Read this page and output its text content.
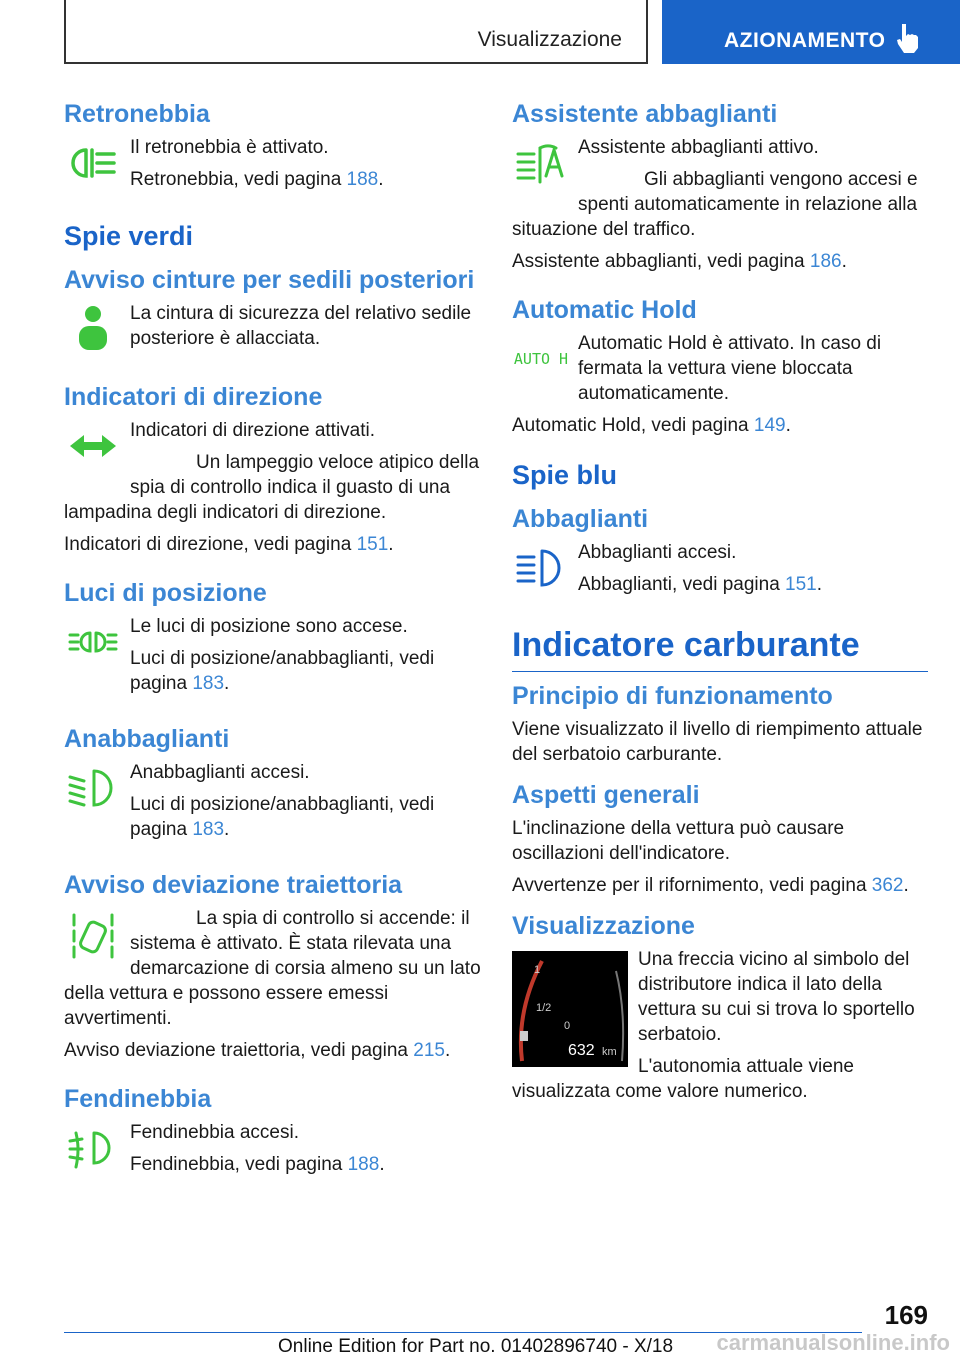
Visualizzazione	AZIONAMENTO
Retronebbia

Il retronebbia è attivato.

Retronebbia, vedi pagina 188.

Spie verdi
Avviso cinture per sedili posteriori

La cintura di sicurezza del relativo sedile posteriore è allacciata.

Indicatori di direzione

Indicatori di direzione attivati.

Un lampeggio veloce atipico della spia di controllo indica il guasto di una lampadina degli indicatori di direzione.

Indicatori di direzione, vedi pagina 151.

Luci di posizione

Le luci di posizione sono accese.

Luci di posizione/anabbaglianti, vedi pagina 183.

Anabbaglianti

Anabbaglianti accesi.

Luci di posizione/anabbaglianti, vedi pagina 183.

Avviso deviazione traiettoria

La spia di controllo si accende: il sistema è attivato. È stata rilevata una demarcazione di corsia almeno su un lato della vettura e possono essere emessi avvertimenti.

Avviso deviazione traiettoria, vedi pagina 215.

Fendinebbia

Fendinebbia accesi.

Fendinebbia, vedi pagina 188.

Assistente abbaglianti

Assistente abbaglianti attivo.

Gli abbaglianti vengono accesi e spenti automaticamente in relazione alla situazione del traffico.

Assistente abbaglianti, vedi pagina 186.

Automatic Hold
AUTO H

Automatic Hold è attivato. In caso di fermata la vettura viene bloccata automaticamente.

Automatic Hold, vedi pagina 149.

Spie blu
Abbaglianti

Abbaglianti accesi.

Abbaglianti, vedi pagina 151.

Indicatore carburante
Principio di funzionamento

Viene visualizzato il livello di riempimento attuale del serbatoio carburante.

Aspetti generali

L'inclinazione della vettura può causare oscillazioni dell'indicatore.

Avvertenze per il rifornimento, vedi pagina 362.

Visualizzazione
1
1/2
0
632 km

Una freccia vicino al simbolo del distributore indica il lato della vettura su cui si trova lo sportello serbatoio.

L'autonomia attuale viene visualizzata come valore numerico.

169
Online Edition for Part no. 01402896740 - X/18 carmanualsonline.info
